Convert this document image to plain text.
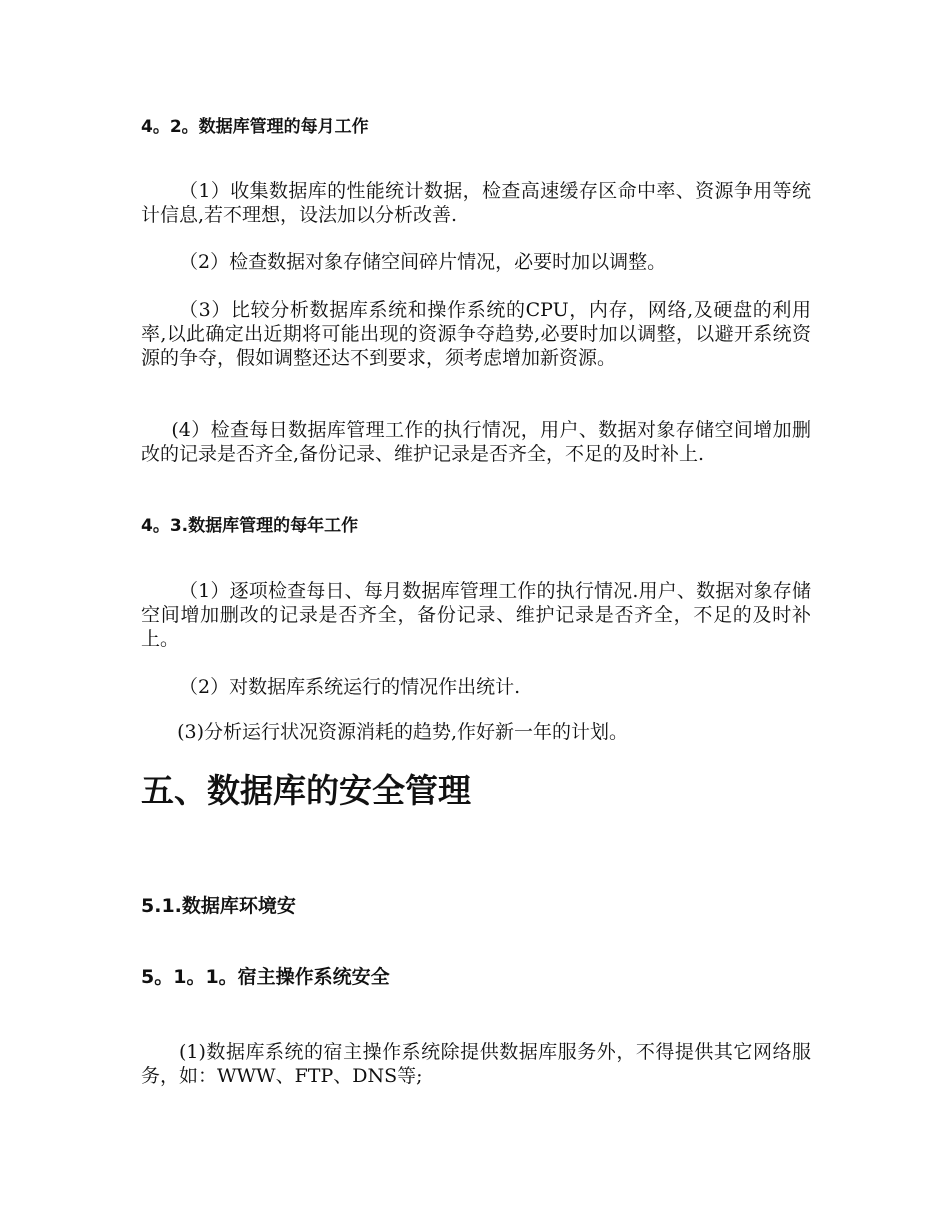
4。2。数据库管理的每月工作

（1）收集数据库的性能统计数据，检查高速缓存区命中率、资源争用等统计信息,若不理想，设法加以分析改善.

（2）检查数据对象存储空间碎片情况，必要时加以调整。

（3）比较分析数据库系统和操作系统的CPU，内存，网络,及硬盘的利用率,以此确定出近期将可能出现的资源争夺趋势,必要时加以调整，以避开系统资源的争夺，假如调整还达不到要求，须考虑增加新资源。

(4）检查每日数据库管理工作的执行情况，用户、数据对象存储空间增加删改的记录是否齐全,备份记录、维护记录是否齐全，不足的及时补上.

4。3.数据库管理的每年工作

（1）逐项检查每日、每月数据库管理工作的执行情况.用户、数据对象存储空间增加删改的记录是否齐全，备份记录、维护记录是否齐全，不足的及时补上。

（2）对数据库系统运行的情况作出统计.

(3)分析运行状况资源消耗的趋势,作好新一年的计划。

五、数据库的安全管理
5.1.数据库环境安
5。1。1。宿主操作系统安全

(1)数据库系统的宿主操作系统除提供数据库服务外，不得提供其它网络服务，如：WWW、FTP、DNS等;
